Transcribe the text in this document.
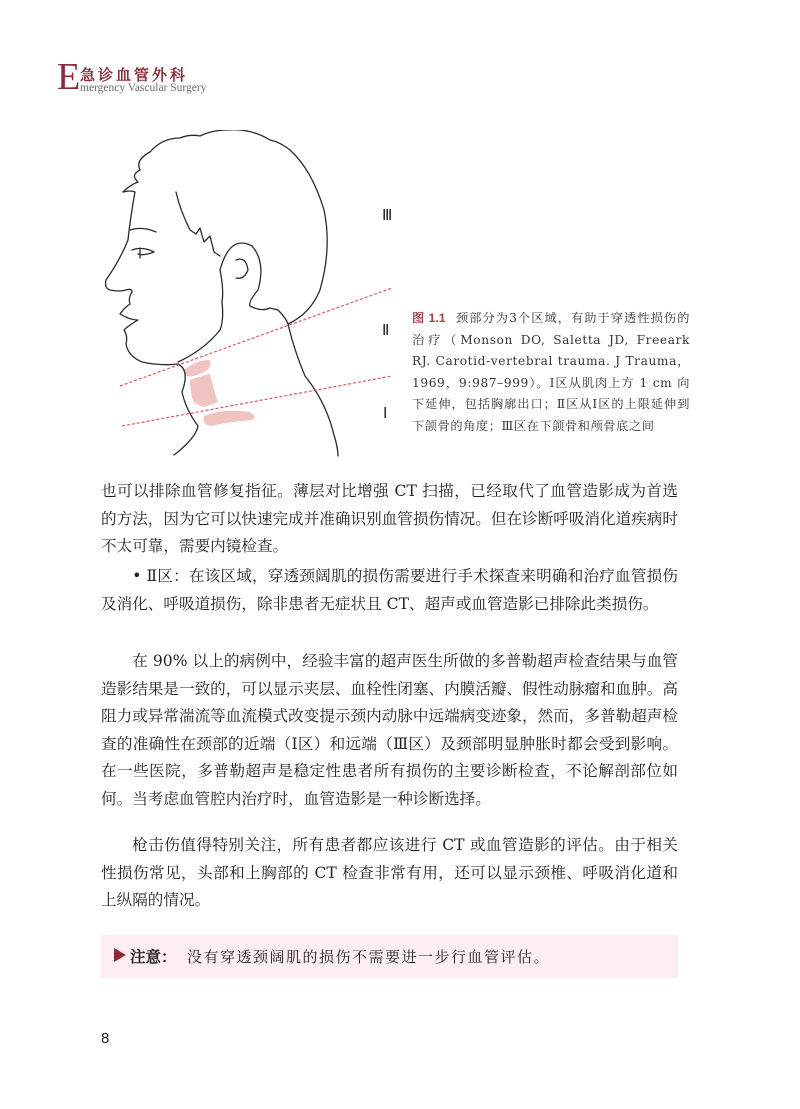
E 急诊血管外科
mergency Vascular Surgery
Ⅲ
Ⅱ
Ⅰ
图 1.1 颈部分为3个区域，有助于穿透性损伤的治疗（Monson DO, Saletta JD, Freeark RJ. Carotid-vertebral trauma. J Trauma，1969，9:987–999）。Ⅰ区从肌肉上方 1 cm 向下延伸，包括胸廓出口；Ⅱ区从Ⅰ区的上限延伸到下颌骨的角度；Ⅲ区在下颌骨和颅骨底之间

也可以排除血管修复指征。薄层对比增强 CT 扫描，已经取代了血管造影成为首选的方法，因为它可以快速完成并准确识别血管损伤情况。但在诊断呼吸消化道疾病时不太可靠，需要内镜检查。

• Ⅱ区：在该区域，穿透颈阔肌的损伤需要进行手术探查来明确和治疗血管损伤及消化、呼吸道损伤，除非患者无症状且 CT、超声或血管造影已排除此类损伤。

在 90% 以上的病例中，经验丰富的超声医生所做的多普勒超声检查结果与血管造影结果是一致的，可以显示夹层、血栓性闭塞、内膜活瓣、假性动脉瘤和血肿。高阻力或异常湍流等血流模式改变提示颈内动脉中远端病变迹象，然而，多普勒超声检查的准确性在颈部的近端（Ⅰ区）和远端（Ⅲ区）及颈部明显肿胀时都会受到影响。在一些医院，多普勒超声是稳定性患者所有损伤的主要诊断检查，不论解剖部位如何。当考虑血管腔内治疗时，血管造影是一种诊断选择。

枪击伤值得特别关注，所有患者都应该进行 CT 或血管造影的评估。由于相关性损伤常见，头部和上胸部的 CT 检查非常有用，还可以显示颈椎、呼吸消化道和上纵隔的情况。

注意： 没有穿透颈阔肌的损伤不需要进一步行血管评估。
8
